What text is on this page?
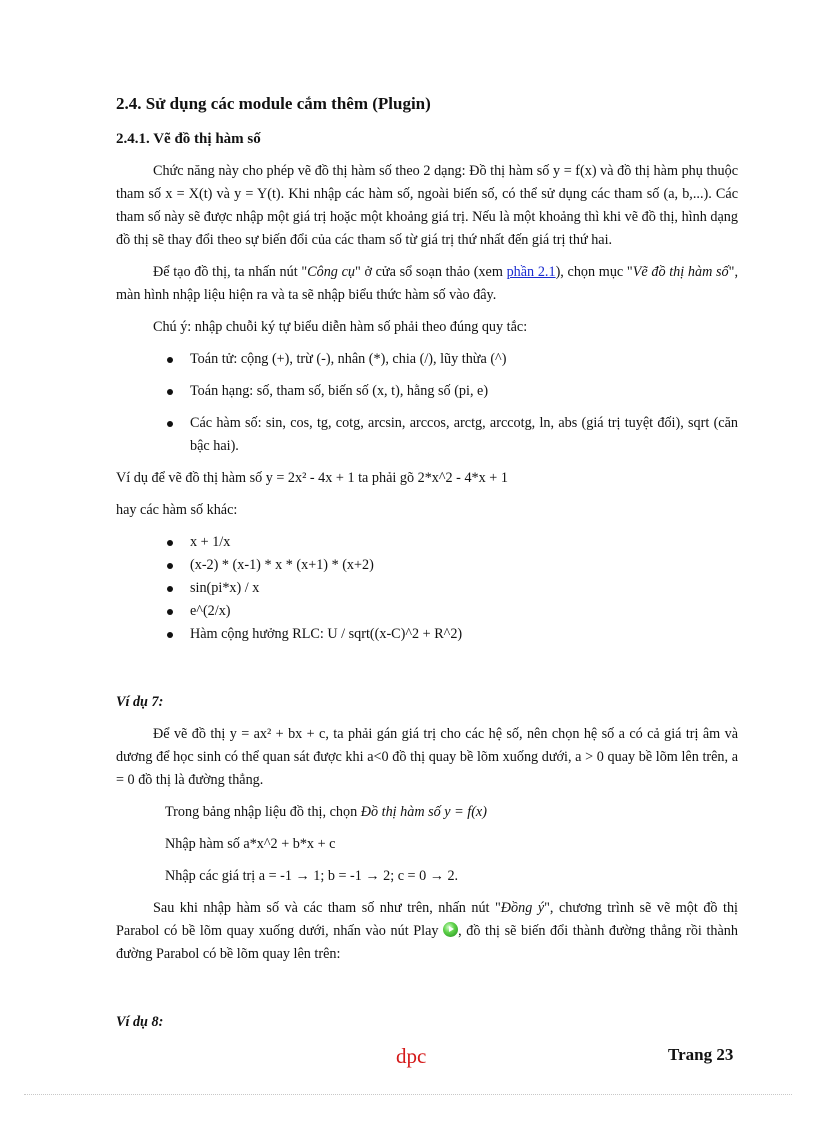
2.4. Sử dụng các module cắm thêm (Plugin)
2.4.1. Vẽ đồ thị hàm số

Chức năng này cho phép vẽ đồ thị hàm số theo 2 dạng: Đồ thị hàm số y = f(x) và đồ thị hàm phụ thuộc tham số x = X(t) và y = Y(t). Khi nhập các hàm số, ngoài biến số, có thể sử dụng các tham số (a, b,...). Các tham số này sẽ được nhập một giá trị hoặc một khoảng giá trị. Nếu là một khoảng thì khi vẽ đồ thị, hình dạng đồ thị sẽ thay đổi theo sự biến đổi của các tham số từ giá trị thứ nhất đến giá trị thứ hai.

Để tạo đồ thị, ta nhấn nút "Công cụ" ở cửa sổ soạn thảo (xem phần 2.1), chọn mục "Vẽ đồ thị hàm số", màn hình nhập liệu hiện ra và ta sẽ nhập biểu thức hàm số vào đây.

Chú ý: nhập chuỗi ký tự biểu diễn hàm số phải theo đúng quy tắc:

Toán tử: cộng (+), trừ (-), nhân (*), chia (/), lũy thừa (^)
Toán hạng: số, tham số, biến số (x, t), hằng số (pi, e)
Các hàm số: sin, cos, tg, cotg, arcsin, arccos, arctg, arccotg, ln, abs (giá trị tuyệt đối), sqrt (căn bậc hai).

Ví dụ để vẽ đồ thị hàm số y = 2x² - 4x + 1 ta phải gõ 2*x^2 - 4*x + 1

hay các hàm số khác:

x + 1/x
(x-2) * (x-1) * x * (x+1) * (x+2)
sin(pi*x) / x
e^(2/x)
Hàm cộng hưởng RLC: U / sqrt((x-C)^2 + R^2)

Ví dụ 7:

Để vẽ đồ thị y = ax² + bx + c, ta phải gán giá trị cho các hệ số, nên chọn hệ số a có cả giá trị âm và dương để học sinh có thể quan sát được khi a<0 đồ thị quay bề lõm xuống dưới, a > 0 quay bề lõm lên trên, a = 0 đồ thị là đường thẳng.

Trong bảng nhập liệu đồ thị, chọn Đồ thị hàm số y = f(x)

Nhập hàm số a*x^2 + b*x + c

Nhập các giá trị a = -1 → 1; b = -1 → 2; c = 0 → 2.

Sau khi nhập hàm số và các tham số như trên, nhấn nút "Đồng ý", chương trình sẽ vẽ một đồ thị Parabol có bề lõm quay xuống dưới, nhấn vào nút Play , đồ thị sẽ biến đổi thành đường thẳng rồi thành đường Parabol có bề lõm quay lên trên:

Ví dụ 8:

dpc	Trang 23
